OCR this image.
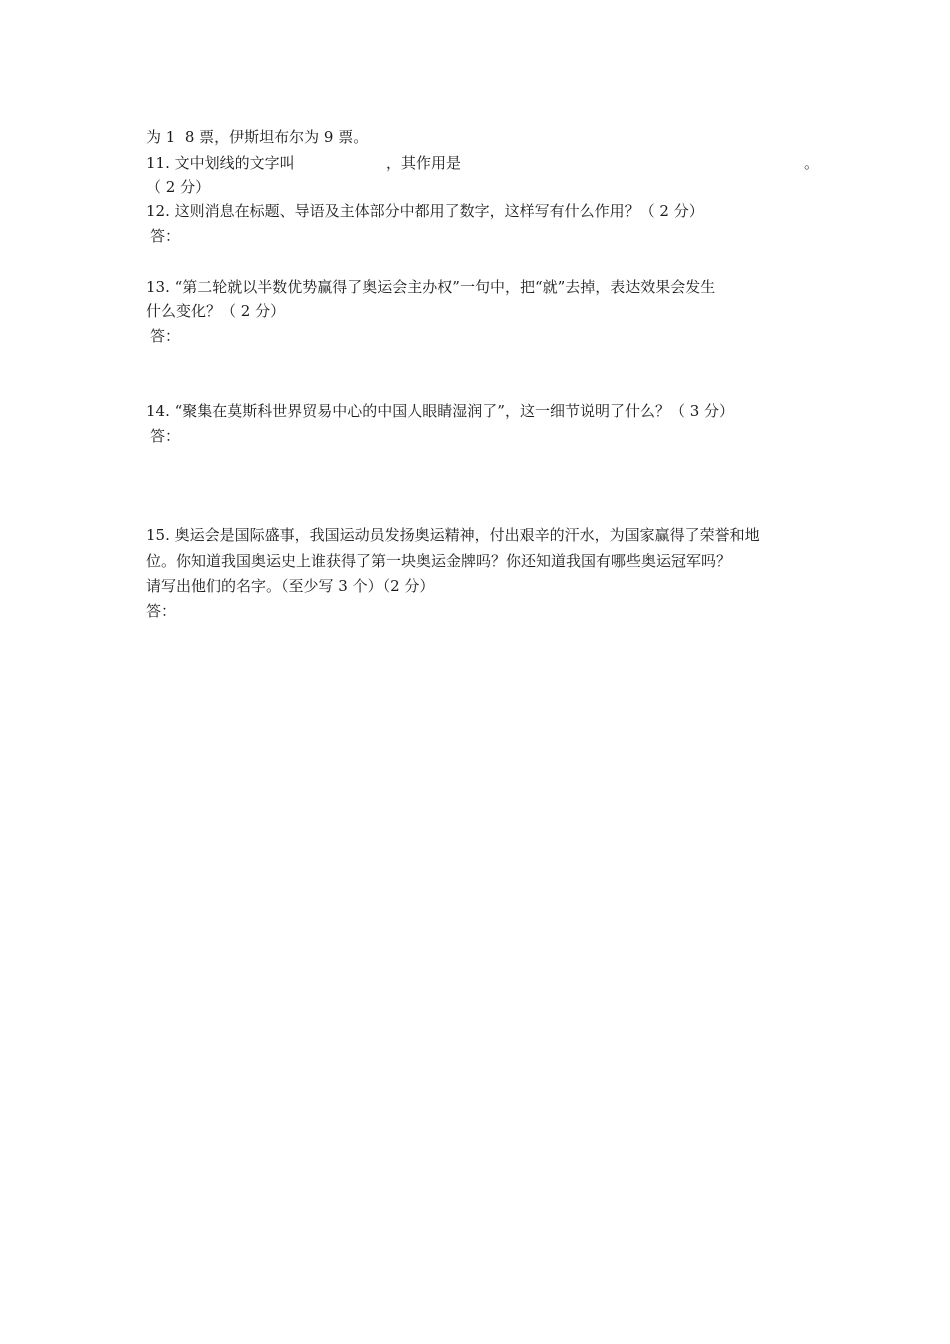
为 1  8 票，伊斯坦布尔为 9 票。
11. 文中划线的文字叫	，其作用是	。
（ 2 分）
12. 这则消息在标题、导语及主体部分中都用了数字，这样写有什么作用？（ 2 分）
答：
13. “第二轮就以半数优势赢得了奥运会主办权”一句中，把“就”去掉，表达效果会发生
什么变化？（ 2 分）
答：
14. “聚集在莫斯科世界贸易中心的中国人眼睛湿润了”，这一细节说明了什么？（ 3 分）
答：
15. 奥运会是国际盛事，我国运动员发扬奥运精神，付出艰辛的汗水，为国家赢得了荣誉和地
位。你知道我国奥运史上谁获得了第一块奥运金牌吗？你还知道我国有哪些奥运冠军吗？
请写出他们的名字。（至少写 3 个）（2 分）
答：
